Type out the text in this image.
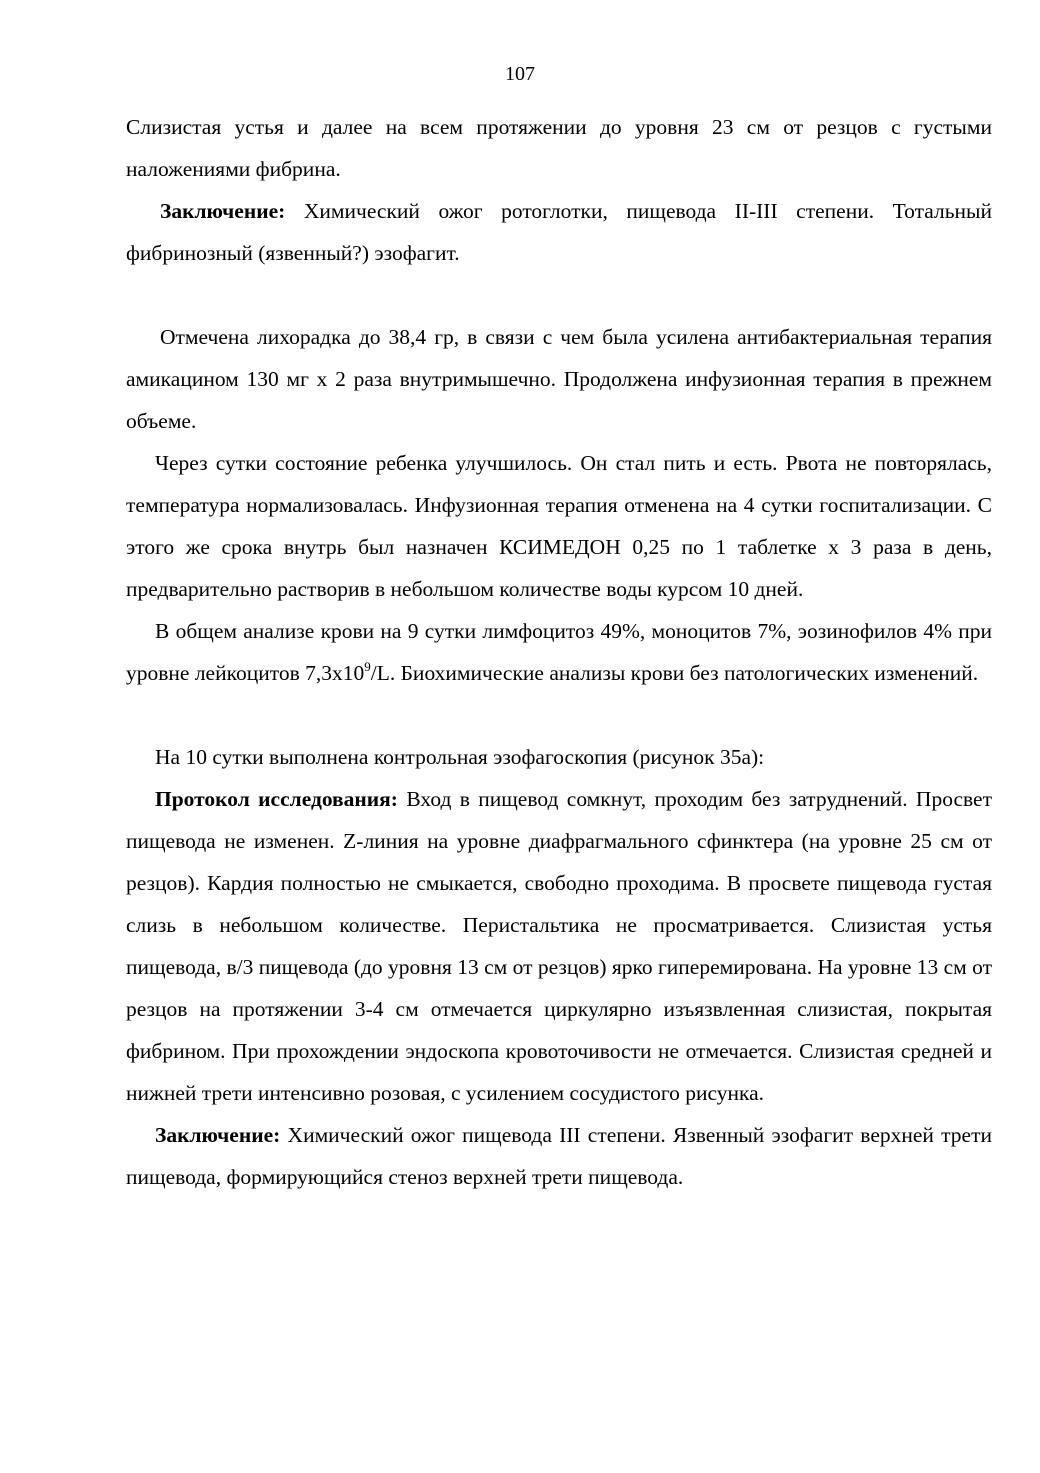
107

Слизистая устья и далее на всем протяжении до уровня 23 см от резцов с густыми наложениями фибрина.

Заключение: Химический ожог ротоглотки, пищевода II-III степени. Тотальный фибринозный (язвенный?) эзофагит.

Отмечена лихорадка до 38,4 гр, в связи с чем была усилена антибактериальная терапия амикацином 130 мг х 2 раза внутримышечно. Продолжена инфузионная терапия в прежнем объеме.

Через сутки состояние ребенка улучшилось. Он стал пить и есть. Рвота не повторялась, температура нормализовалась. Инфузионная терапия отменена на 4 сутки госпитализации. С этого же срока внутрь был назначен КСИМЕДОН 0,25 по 1 таблетке х 3 раза в день, предварительно растворив в небольшом количестве воды курсом 10 дней.

В общем анализе крови на 9 сутки лимфоцитоз 49%, моноцитов 7%, эозинофилов 4% при уровне лейкоцитов $7,3х10^9/L$. Биохимические анализы крови без патологических изменений.

На 10 сутки выполнена контрольная эзофагоскопия (рисунок 35а):

Протокол исследования: Вход в пищевод сомкнут, проходим без затруднений. Просвет пищевода не изменен. Z-линия на уровне диафрагмального сфинктера (на уровне 25 см от резцов). Кардия полностью не смыкается, свободно проходима. В просвете пищевода густая слизь в небольшом количестве. Перистальтика не просматривается. Слизистая устья пищевода, в/3 пищевода (до уровня 13 см от резцов) ярко гиперемирована. На уровне 13 см от резцов на протяжении 3-4 см отмечается циркулярно изъязвленная слизистая, покрытая фибрином. При прохождении эндоскопа кровоточивости не отмечается. Слизистая средней и нижней трети интенсивно розовая, с усилением сосудистого рисунка.

Заключение: Химический ожог пищевода III степени. Язвенный эзофагит верхней трети пищевода, формирующийся стеноз верхней трети пищевода.
